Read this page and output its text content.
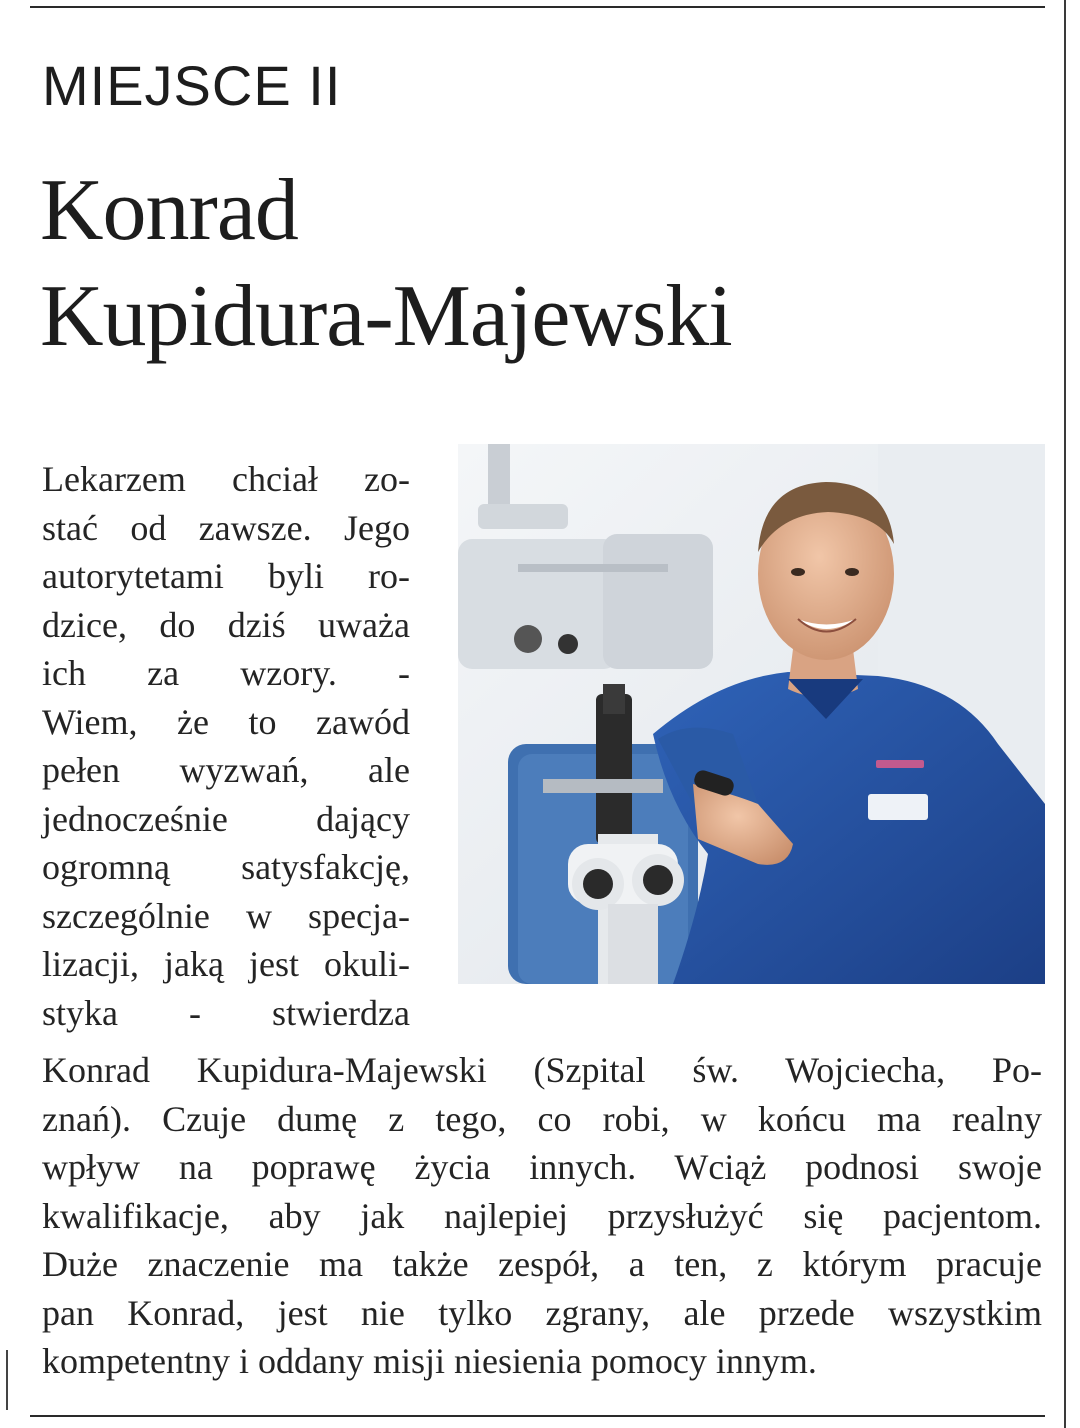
MIEJSCE II
Konrad
Kupidura-Majewski
Lekarzem chciał zo-
stać od zawsze. Jego
autorytetami byli ro-
dzice, do dziś uważa
ich za wzory. -
Wiem, że to zawód
pełen wyzwań, ale
jednocześnie dający
ogromną satysfakcję,
szczególnie w specja-
lizacji, jaką jest okuli-
styka - stwierdza
Konrad Kupidura-Majewski (Szpital św. Wojciecha, Po-
znań). Czuje dumę z tego, co robi, w końcu ma realny
wpływ na poprawę życia innych. Wciąż podnosi swoje
kwalifikacje, aby jak najlepiej przysłużyć się pacjentom.
Duże znaczenie ma także zespół, a ten, z którym pracuje
pan Konrad, jest nie tylko zgrany, ale przede wszystkim
kompetentny i oddany misji niesienia pomocy innym.
